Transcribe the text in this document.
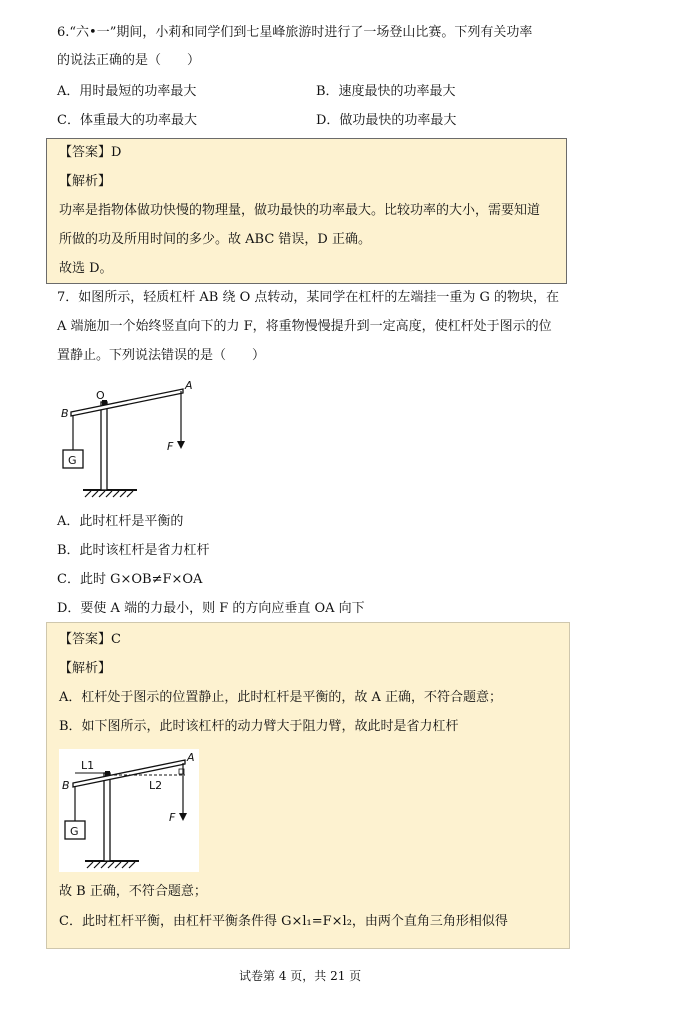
6.“六•一”期间，小莉和同学们到七星峰旅游时进行了一场登山比赛。下列有关功率
的说法正确的是（　　）
A．用时最短的功率最大	B．速度最快的功率最大
C．体重最大的功率最大	D．做功最快的功率最大
【答案】D
【解析】
功率是指物体做功快慢的物理量，做功最快的功率最大。比较功率的大小，需要知道
所做的功及所用时间的多少。故 ABC 错误，D 正确。
故选 D。
7．如图所示，轻质杠杆 AB 绕 O 点转动，某同学在杠杆的左端挂一重为 G 的物块，在
A 端施加一个始终竖直向下的力 F，将重物慢慢提升到一定高度，使杠杆处于图示的位
置静止。下列说法错误的是（　　）
O
A
B
F
G
A．此时杠杆是平衡的
B．此时该杠杆是省力杠杆
C．此时 G×OB≠F×OA
D．要使 A 端的力最小，则 F 的方向应垂直 OA 向下
【答案】C
【解析】
A．杠杆处于图示的位置静止，此时杠杆是平衡的，故 A 正确，不符合题意；
B．如下图所示，此时该杠杆的动力臂大于阻力臂，故此时是省力杠杆
L1
L2
A
B
F
G
故 B 正确，不符合题意；
C．此时杠杆平衡，由杠杆平衡条件得 G×l₁=F×l₂，由两个直角三角形相似得
试卷第 4 页，共 21 页
